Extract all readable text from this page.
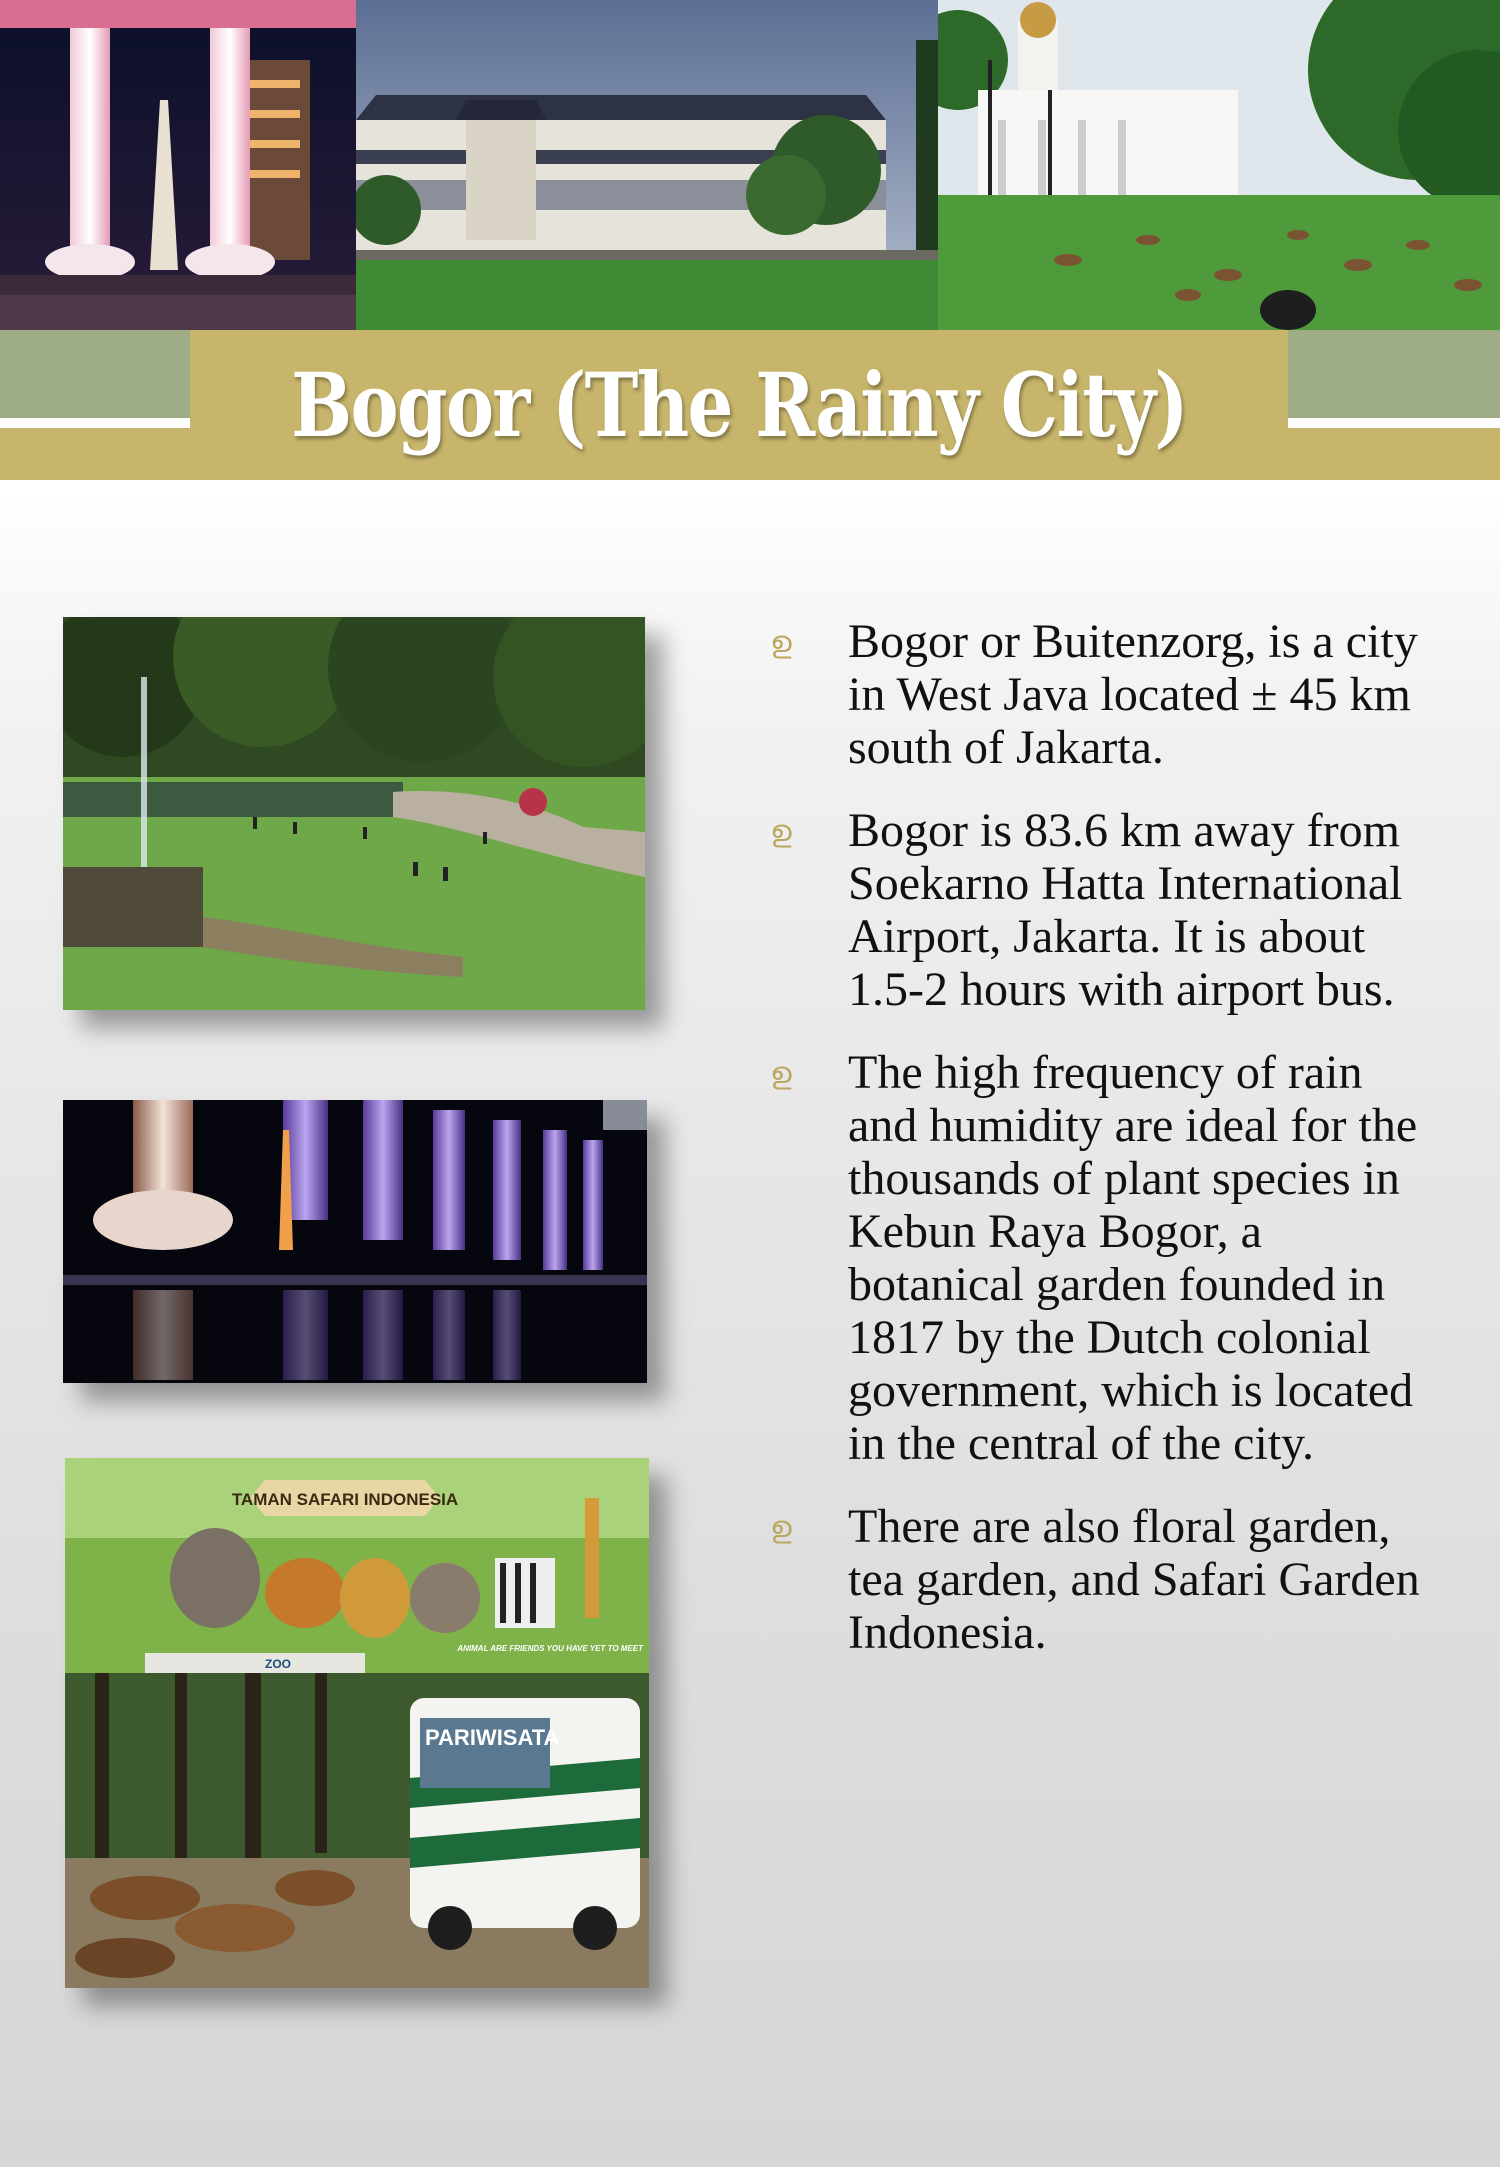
Bogor (The Rainy City)
TAMAN SAFARI INDONESIA
ZOO
ANIMAL ARE FRIENDS YOU HAVE YET TO MEET
PARIWISATA
ഉ	Bogor or Buitenzorg, is a city in West Java located ± 45 km south of Jakarta.
ഉ	Bogor is 83.6 km away from Soekarno Hatta International Airport, Jakarta. It is about 1.5-2 hours with airport bus.
ഉ	The high frequency of rain and humidity are ideal for the thousands of plant species in Kebun Raya Bogor, a botanical garden founded in 1817 by the Dutch colonial government, which is located in the central of the city.
ഉ	There are also floral garden, tea garden, and Safari Garden Indonesia.
